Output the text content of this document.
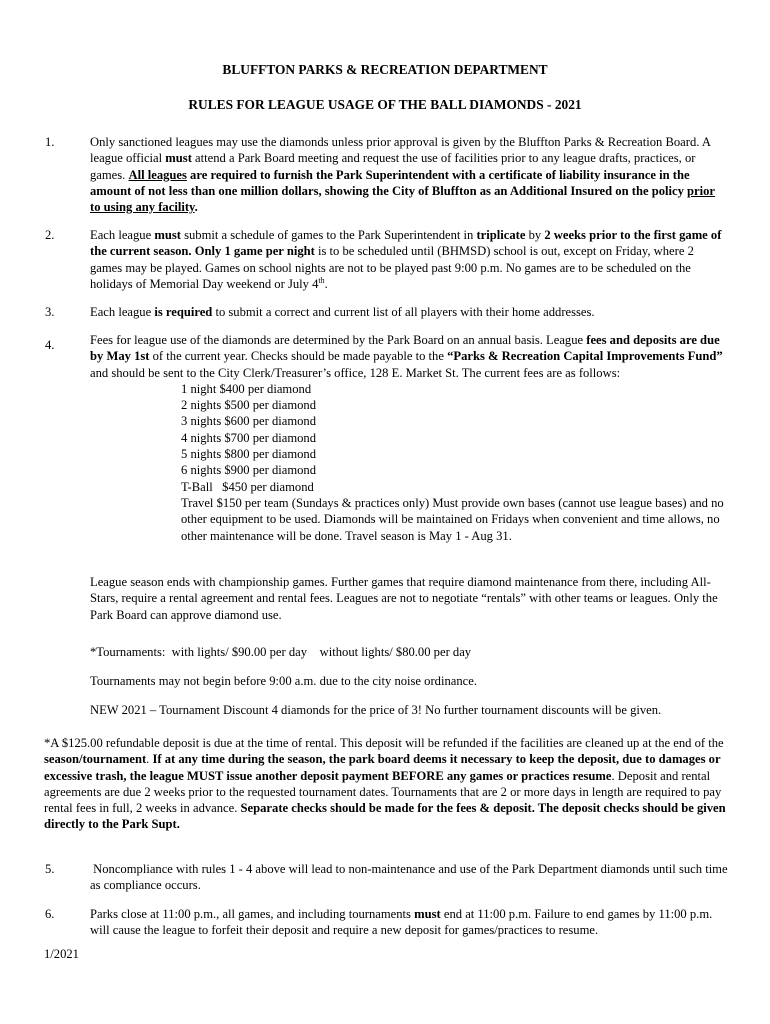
BLUFFTON PARKS & RECREATION DEPARTMENT
RULES FOR LEAGUE USAGE OF THE BALL DIAMONDS - 2021
1.	Only sanctioned leagues may use the diamonds unless prior approval is given by the Bluffton Parks & Recreation Board. A league official must attend a Park Board meeting and request the use of facilities prior to any league drafts, practices, or games. All leagues are required to furnish the Park Superintendent with a certificate of liability insurance in the amount of not less than one million dollars, showing the City of Bluffton as an Additional Insured on the policy prior to using any facility.

2.	Each league must submit a schedule of games to the Park Superintendent in triplicate by 2 weeks prior to the first game of the current season. Only 1 game per night is to be scheduled until (BHMSD) school is out, except on Friday, where 2 games may be played. Games on school nights are not to be played past 9:00 p.m. No games are to be scheduled on the holidays of Memorial Day weekend or July 4th.

3.	Each league is required to submit a correct and current list of all players with their home addresses.

4.	Fees for league use of the diamonds are determined by the Park Board on an annual basis. League fees and deposits are due by May 1st of the current year. Checks should be made payable to the “Parks & Recreation Capital Improvements Fund” and should be sent to the City Clerk/Treasurer’s office, 128 E. Market St. The current fees are as follows:

1 night $400 per diamond
2 nights $500 per diamond
3 nights $600 per diamond
4 nights $700 per diamond
5 nights $800 per diamond
6 nights $900 per diamond
T-Ball   $450 per diamond
Travel $150 per team (Sundays & practices only) Must provide own bases (cannot use league bases) and no other equipment to be used. Diamonds will be maintained on Fridays when convenient and time allows, no other maintenance will be done. Travel season is May 1 - Aug 31.

League season ends with championship games. Further games that require diamond maintenance from there, including All-Stars, require a rental agreement and rental fees. Leagues are not to negotiate “rentals” with other teams or leagues. Only the Park Board can approve diamond use.

*Tournaments:  with lights/ $90.00 per day    without lights/ $80.00 per day

Tournaments may not begin before 9:00 a.m. due to the city noise ordinance.

NEW 2021 – Tournament Discount 4 diamonds for the price of 3! No further tournament discounts will be given.

*A $125.00 refundable deposit is due at the time of rental. This deposit will be refunded if the facilities are cleaned up at the end of the season/tournament. If at any time during the season, the park board deems it necessary to keep the deposit, due to damages or excessive trash, the league MUST issue another deposit payment BEFORE any games or practices resume. Deposit and rental agreements are due 2 weeks prior to the requested tournament dates. Tournaments that are 2 or more days in length are required to pay rental fees in full, 2 weeks in advance. Separate checks should be made for the fees & deposit. The deposit checks should be given directly to the Park Supt.

5.	Noncompliance with rules 1 - 4 above will lead to non-maintenance and use of the Park Department diamonds until such time as compliance occurs.

6.	Parks close at 11:00 p.m., all games, and including tournaments must end at 11:00 p.m. Failure to end games by 11:00 p.m. will cause the league to forfeit their deposit and require a new deposit for games/practices to resume.

1/2021
